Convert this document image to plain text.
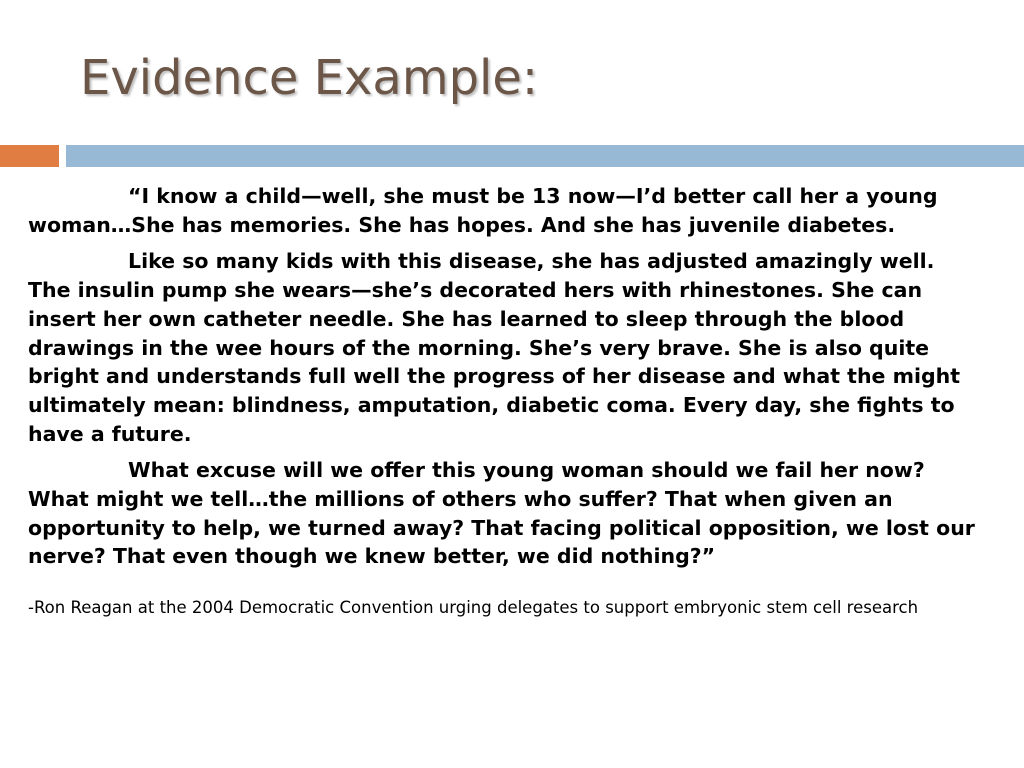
Evidence Example:

“I know a child—well, she must be 13 now—I’d better call her a young woman…She has memories. She has hopes. And she has juvenile diabetes.

Like so many kids with this disease, she has adjusted amazingly well. The insulin pump she wears—she’s decorated hers with rhinestones. She can insert her own catheter needle. She has learned to sleep through the blood drawings in the wee hours of the morning. She’s very brave. She is also quite bright and understands full well the progress of her disease and what the might ultimately mean: blindness, amputation, diabetic coma. Every day, she fights to have a future.

What excuse will we offer this young woman should we fail her now? What might we tell…the millions of others who suffer? That when given an opportunity to help, we turned away? That facing political opposition, we lost our nerve? That even though we knew better, we did nothing?”

-Ron Reagan at the 2004 Democratic Convention urging delegates to support embryonic stem cell research
